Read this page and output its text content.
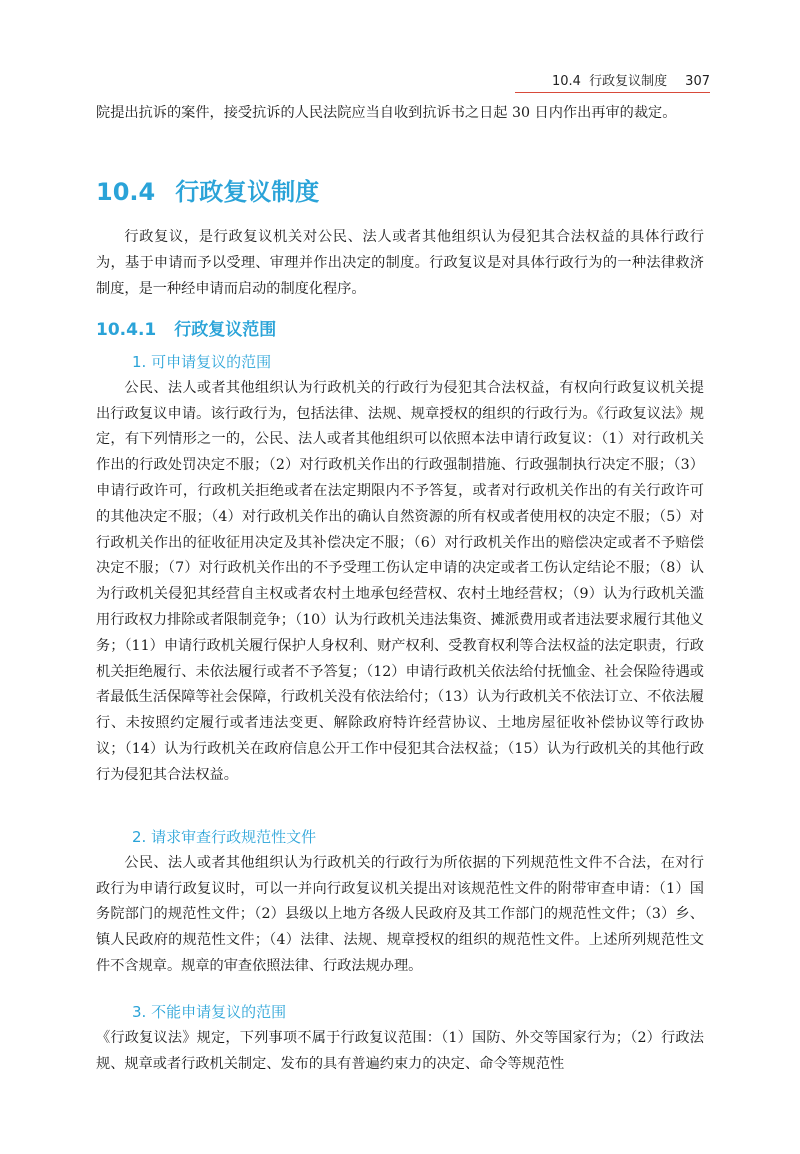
10.4  行政复议制度 307

院提出抗诉的案件，接受抗诉的人民法院应当自收到抗诉书之日起 30 日内作出再审的裁定。

10.4 行政复议制度

行政复议，是行政复议机关对公民、法人或者其他组织认为侵犯其合法权益的具体行政行为，基于申请而予以受理、审理并作出决定的制度。行政复议是对具体行政行为的一种法律救济制度，是一种经申请而启动的制度化程序。

10.4.1 行政复议范围

1. 可申请复议的范围

公民、法人或者其他组织认为行政机关的行政行为侵犯其合法权益，有权向行政复议机关提出行政复议申请。该行政行为，包括法律、法规、规章授权的组织的行政行为。《行政复议法》规定，有下列情形之一的，公民、法人或者其他组织可以依照本法申请行政复议：（1）对行政机关作出的行政处罚决定不服；（2）对行政机关作出的行政强制措施、行政强制执行决定不服；（3）申请行政许可，行政机关拒绝或者在法定期限内不予答复，或者对行政机关作出的有关行政许可的其他决定不服；（4）对行政机关作出的确认自然资源的所有权或者使用权的决定不服；（5）对行政机关作出的征收征用决定及其补偿决定不服；（6）对行政机关作出的赔偿决定或者不予赔偿决定不服；（7）对行政机关作出的不予受理工伤认定申请的决定或者工伤认定结论不服；（8）认为行政机关侵犯其经营自主权或者农村土地承包经营权、农村土地经营权；（9）认为行政机关滥用行政权力排除或者限制竞争；（10）认为行政机关违法集资、摊派费用或者违法要求履行其他义务；（11）申请行政机关履行保护人身权利、财产权利、受教育权利等合法权益的法定职责，行政机关拒绝履行、未依法履行或者不予答复；（12）申请行政机关依法给付抚恤金、社会保险待遇或者最低生活保障等社会保障，行政机关没有依法给付；（13）认为行政机关不依法订立、不依法履行、未按照约定履行或者违法变更、解除政府特许经营协议、土地房屋征收补偿协议等行政协议；（14）认为行政机关在政府信息公开工作中侵犯其合法权益；（15）认为行政机关的其他行政行为侵犯其合法权益。

2. 请求审查行政规范性文件

公民、法人或者其他组织认为行政机关的行政行为所依据的下列规范性文件不合法，在对行政行为申请行政复议时，可以一并向行政复议机关提出对该规范性文件的附带审查申请：（1）国务院部门的规范性文件；（2）县级以上地方各级人民政府及其工作部门的规范性文件；（3）乡、镇人民政府的规范性文件；（4）法律、法规、规章授权的组织的规范性文件。上述所列规范性文件不含规章。规章的审查依照法律、行政法规办理。

3. 不能申请复议的范围

《行政复议法》规定，下列事项不属于行政复议范围：（1）国防、外交等国家行为；（2）行政法规、规章或者行政机关制定、发布的具有普遍约束力的决定、命令等规范性
